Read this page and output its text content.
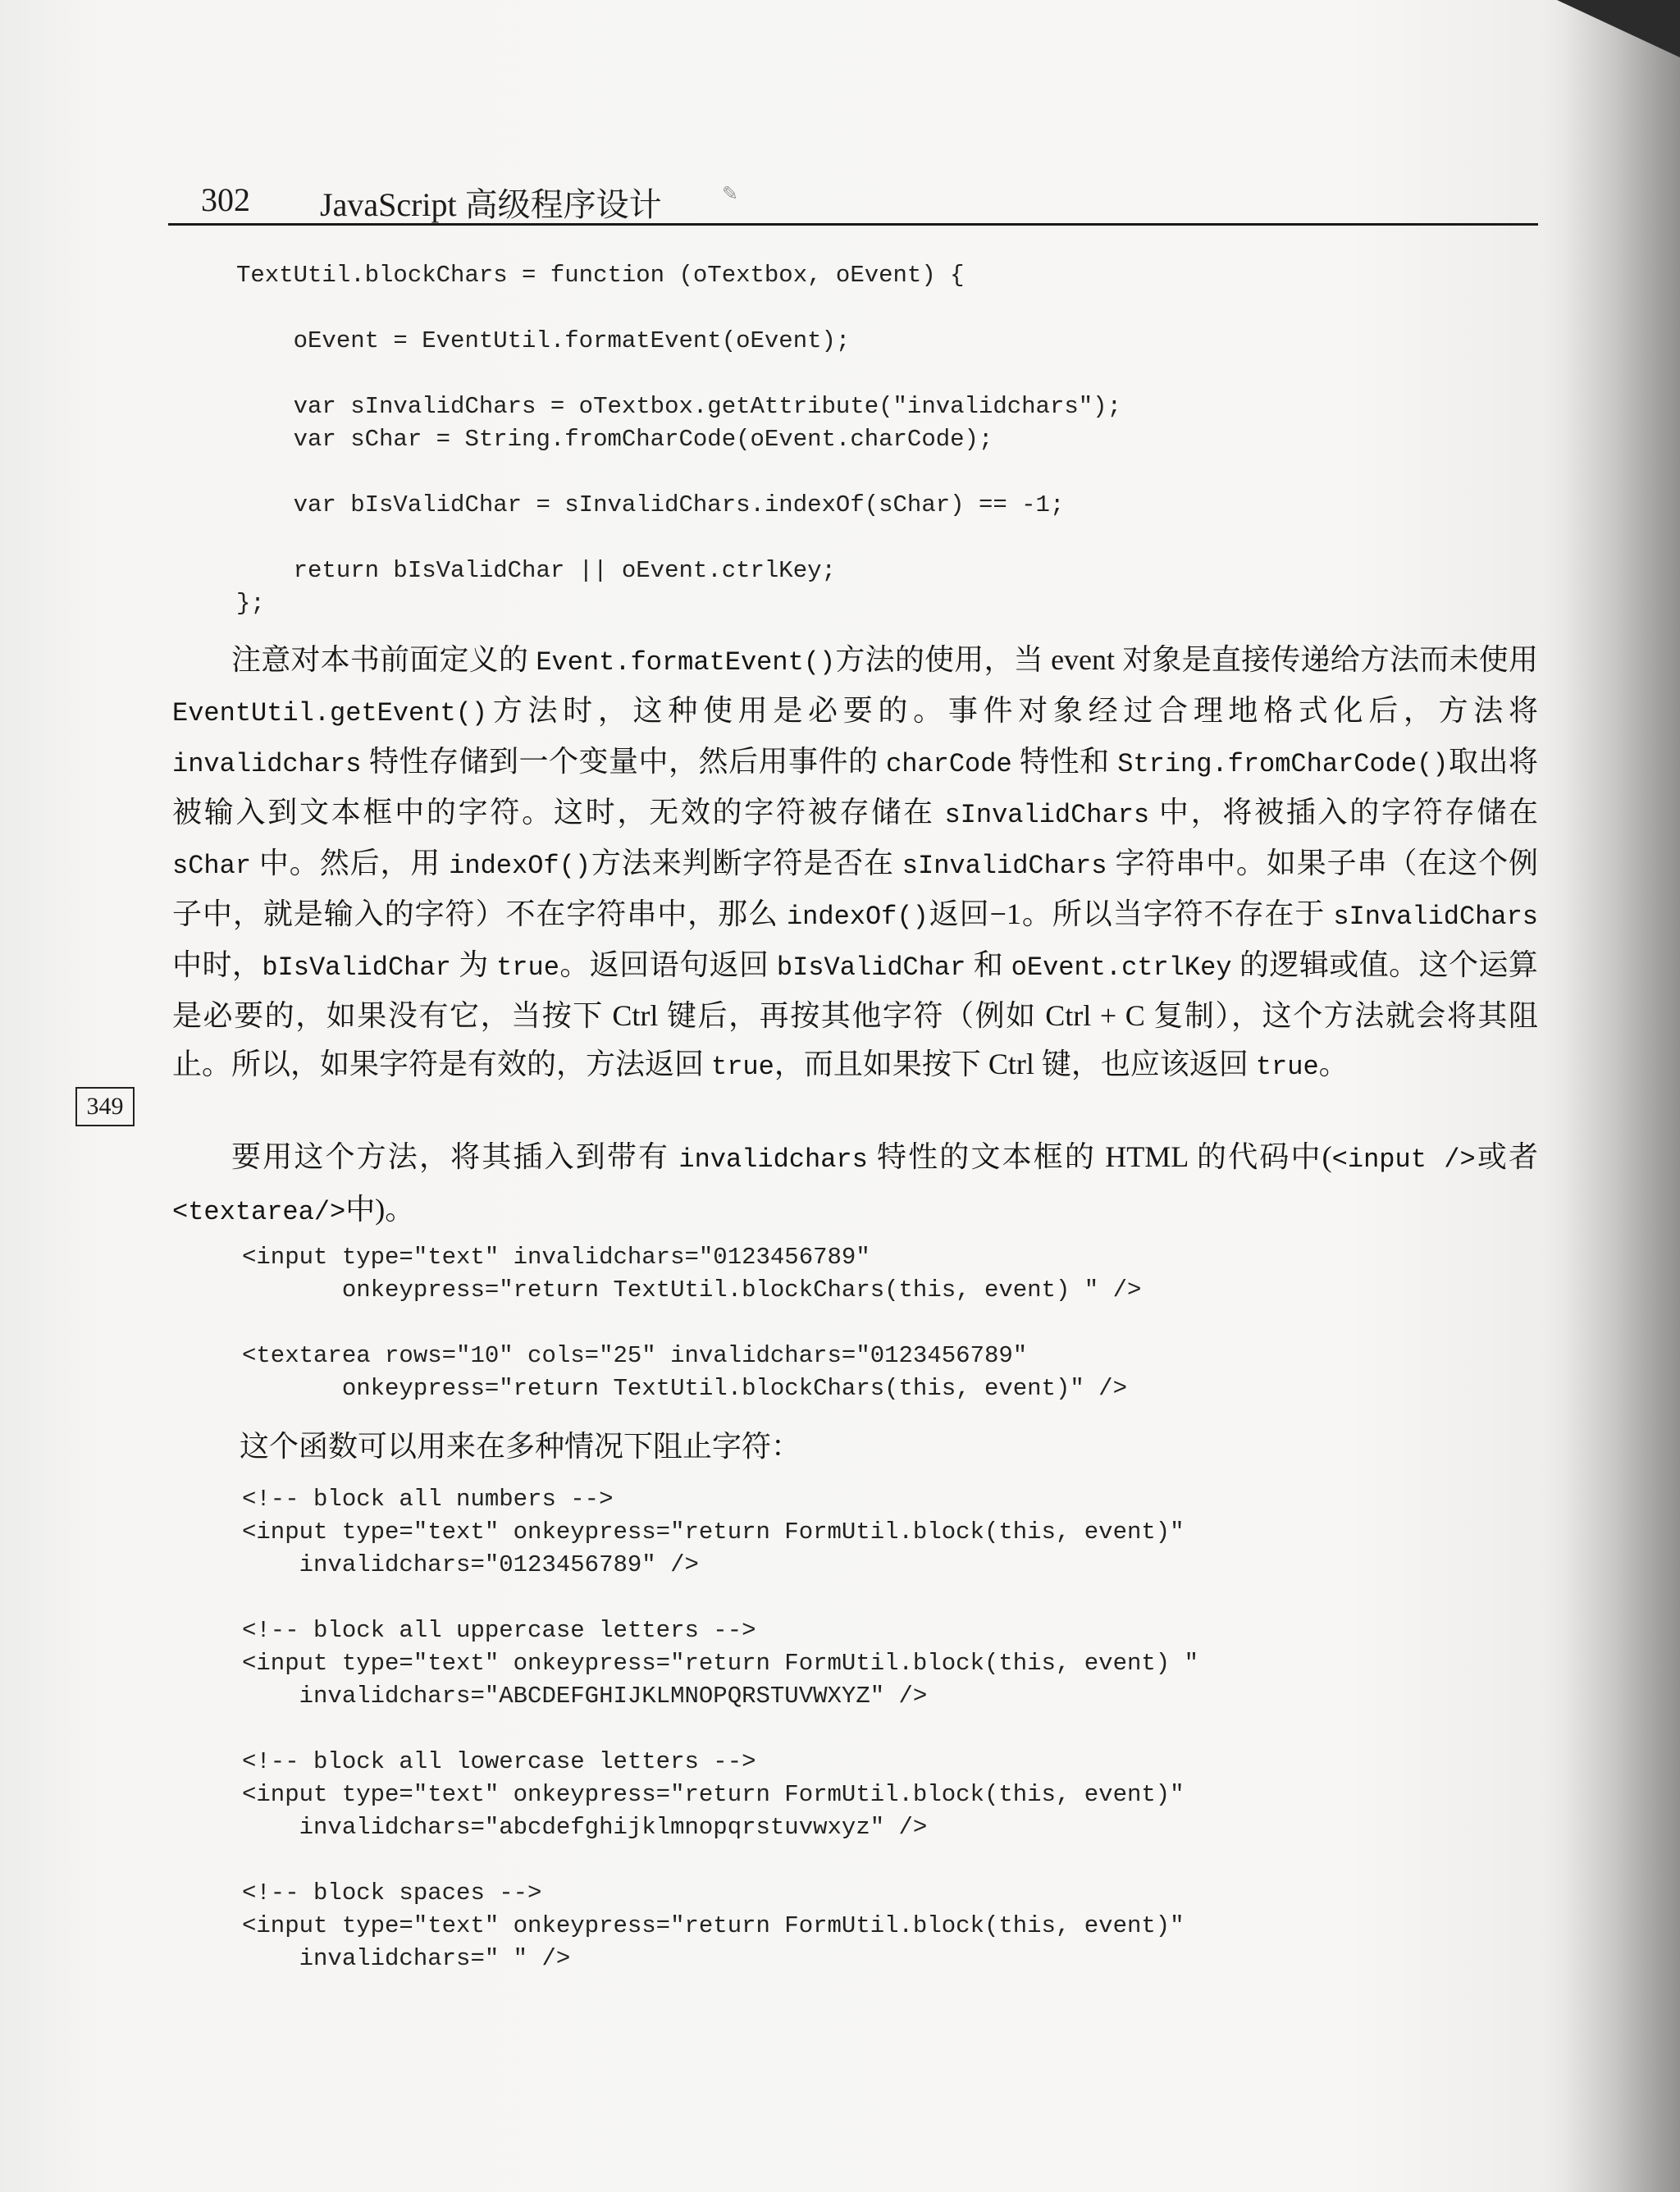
302 JavaScript 高级程序设计	✎
TextUtil.blockChars = function (oTextbox, oEvent) {

oEvent = EventUtil.formatEvent(oEvent);

var sInvalidChars = oTextbox.getAttribute("invalidchars");
var sChar = String.fromCharCode(oEvent.charCode);

var bIsValidChar = sInvalidChars.indexOf(sChar) == -1;

return bIsValidChar || oEvent.ctrlKey;
};
注意对本书前面定义的 Event.formatEvent()方法的使用，当 event 对象是直接传递给方法而未使用 EventUtil.getEvent()方法时，这种使用是必要的。事件对象经过合理地格式化后，方法将 invalidchars 特性存储到一个变量中，然后用事件的 charCode 特性和 String.fromCharCode()取出将被输入到文本框中的字符。这时，无效的字符被存储在 sInvalidChars 中，将被插入的字符存储在 sChar 中。然后，用 indexOf()方法来判断字符是否在 sInvalidChars 字符串中。如果子串（在这个例子中，就是输入的字符）不在字符串中，那么 indexOf()返回−1。所以当字符不存在于 sInvalidChars 中时，bIsValidChar 为 true。返回语句返回 bIsValidChar 和 oEvent.ctrlKey 的逻辑或值。这个运算是必要的，如果没有它，当按下 Ctrl 键后，再按其他字符（例如 Ctrl + C 复制），这个方法就会将其阻止。所以，如果字符是有效的，方法返回 true，而且如果按下 Ctrl 键，也应该返回 true。
349
要用这个方法，将其插入到带有 invalidchars 特性的文本框的 HTML 的代码中(<input />或者<textarea/>中)。
<input type="text" invalidchars="0123456789"
onkeypress="return TextUtil.blockChars(this, event) " />

<textarea rows="10" cols="25" invalidchars="0123456789"
onkeypress="return TextUtil.blockChars(this, event)" />
这个函数可以用来在多种情况下阻止字符：
<!-- block all numbers -->
<input type="text" onkeypress="return FormUtil.block(this, event)"
invalidchars="0123456789" />

<!-- block all uppercase letters -->
<input type="text" onkeypress="return FormUtil.block(this, event) "
invalidchars="ABCDEFGHIJKLMNOPQRSTUVWXYZ" />

<!-- block all lowercase letters -->
<input type="text" onkeypress="return FormUtil.block(this, event)"
invalidchars="abcdefghijklmnopqrstuvwxyz" />

<!-- block spaces -->
<input type="text" onkeypress="return FormUtil.block(this, event)"
invalidchars=" " />
